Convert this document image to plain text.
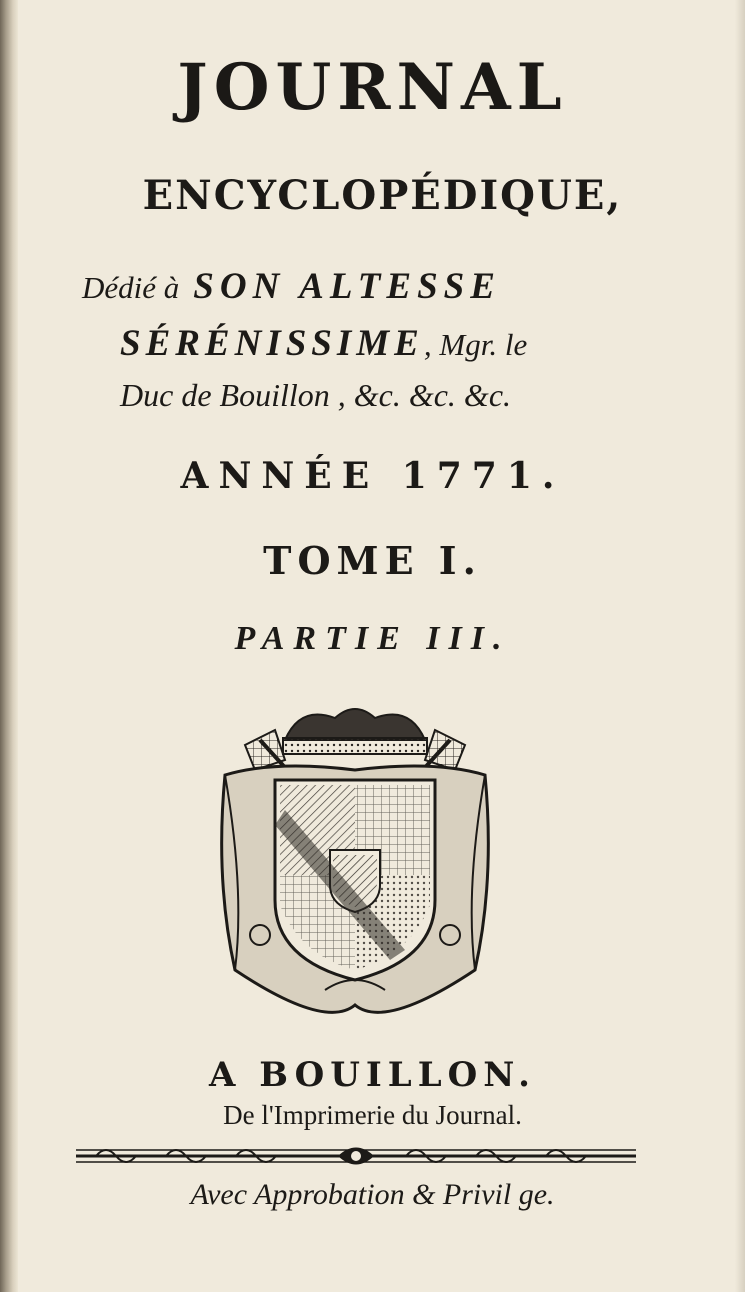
JOURNAL
ENCYCLOPÉDIQUE,
Dédié à SON ALTESSE
SÉRÉNISSIME, Mgr. le
Duc de Bouillon , &c. &c. &c.
ANNÉE 1771.
TOME I.
PARTIE III.
A BOUILLON.
De l'Imprimerie du Journal.
Avec Approbation & Privil ge.
